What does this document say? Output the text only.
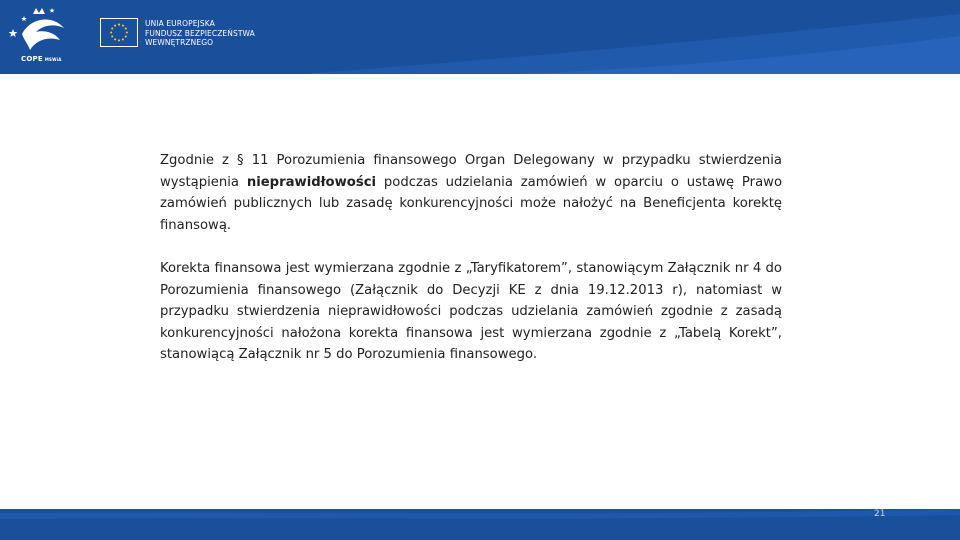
COPE MSWiA
UNIA EUROPEJSKA
FUNDUSZ BEZPIECZEŃSTWA
WEWNĘTRZNEGO

Zgodnie z § 11 Porozumienia finansowego Organ Delegowany w przypadku stwierdzenia wystąpienia nieprawidłowości podczas udzielania zamówień w oparciu o ustawę Prawo zamówień publicznych lub zasadę konkurencyjności może nałożyć na Beneficjenta korektę finansową.

Korekta finansowa jest wymierzana zgodnie z „Taryfikatorem”, stanowiącym Załącznik nr 4 do Porozumienia finansowego (Załącznik do Decyzji KE z dnia 19.12.2013 r), natomiast w przypadku stwierdzenia nieprawidłowości podczas udzielania zamówień zgodnie z zasadą konkurencyjności nałożona korekta finansowa jest wymierzana zgodnie z „Tabelą Korekt”, stanowiącą Załącznik nr 5 do Porozumienia finansowego.

21
